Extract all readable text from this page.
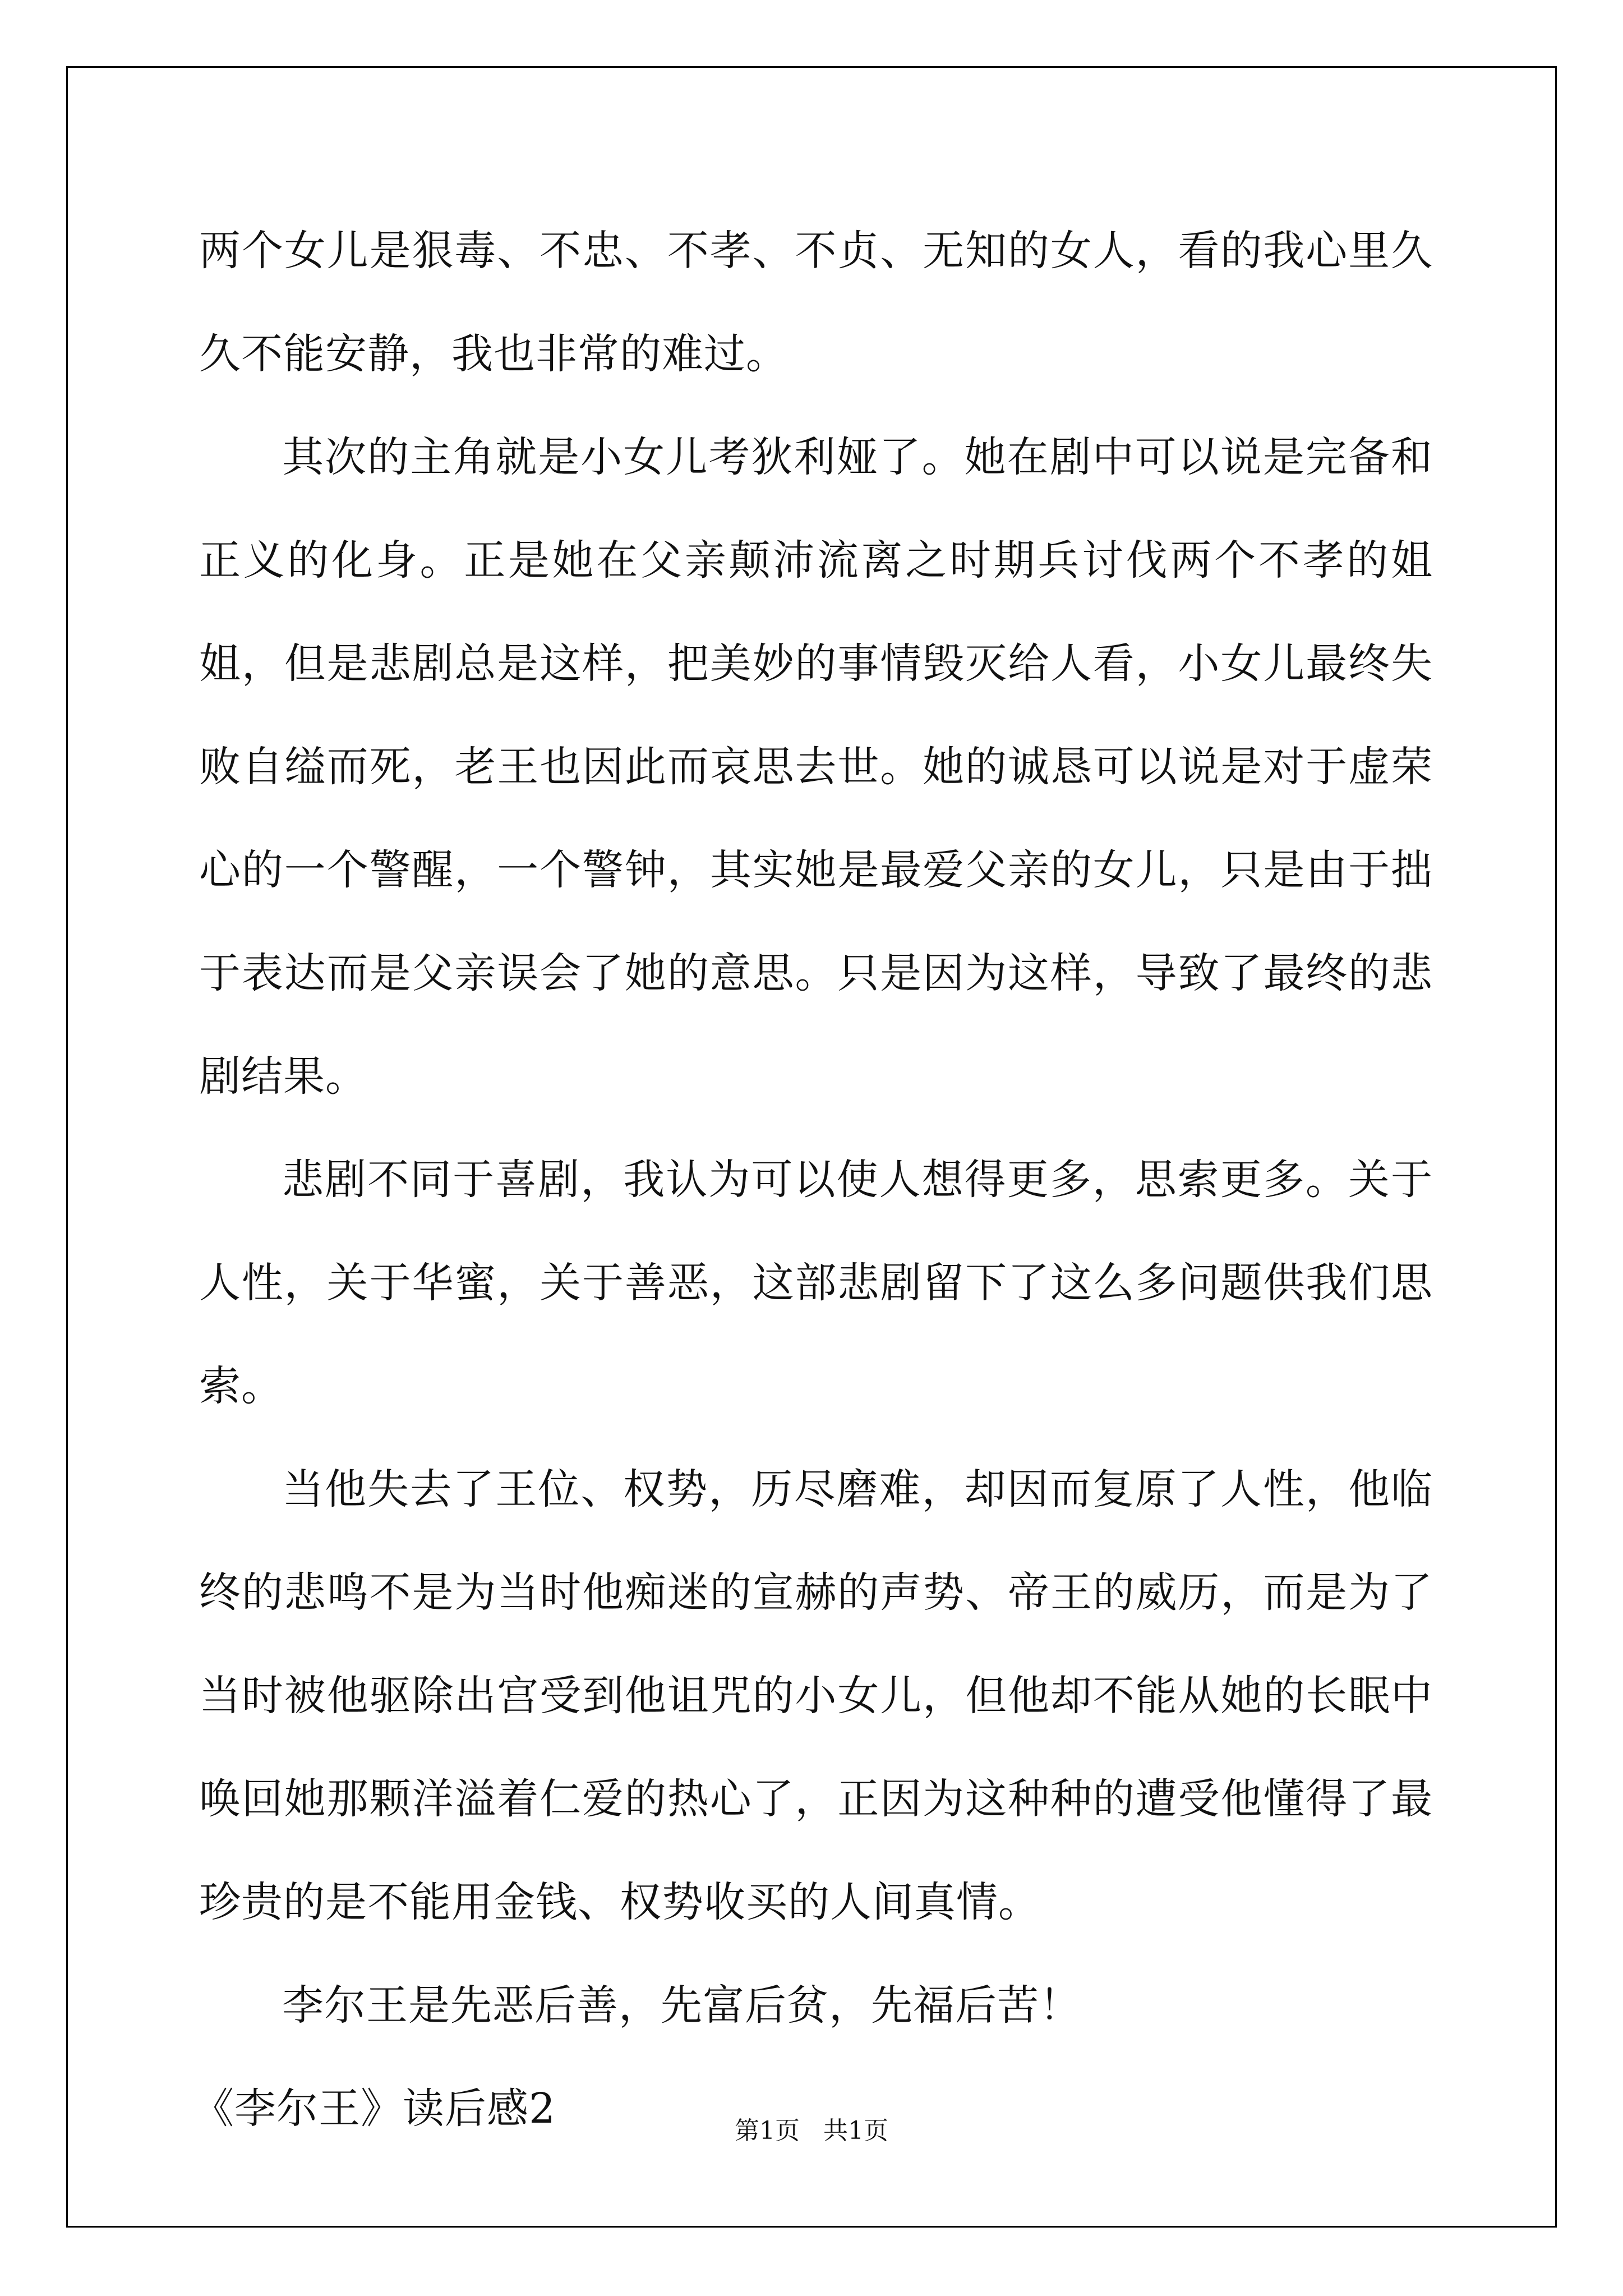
两个女儿是狠毒、不忠、不孝、不贞、无知的女人，看的我心里久久不能安静，我也非常的难过。

其次的主角就是小女儿考狄利娅了。她在剧中可以说是完备和正义的化身。正是她在父亲颠沛流离之时期兵讨伐两个不孝的姐姐，但是悲剧总是这样，把美妙的事情毁灭给人看，小女儿最终失败自缢而死，老王也因此而哀思去世。她的诚恳可以说是对于虚荣心的一个警醒，一个警钟，其实她是最爱父亲的女儿，只是由于拙于表达而是父亲误会了她的意思。只是因为这样，导致了最终的悲剧结果。

悲剧不同于喜剧，我认为可以使人想得更多，思索更多。关于人性，关于华蜜，关于善恶，这部悲剧留下了这么多问题供我们思索。

当他失去了王位、权势，历尽磨难，却因而复原了人性，他临终的悲鸣不是为当时他痴迷的宣赫的声势、帝王的威历，而是为了当时被他驱除出宫受到他诅咒的小女儿，但他却不能从她的长眠中唤回她那颗洋溢着仁爱的热心了，正因为这种种的遭受他懂得了最珍贵的是不能用金钱、权势收买的人间真情。

李尔王是先恶后善，先富后贫，先福后苦！

《李尔王》读后感2	第1页   共1页
